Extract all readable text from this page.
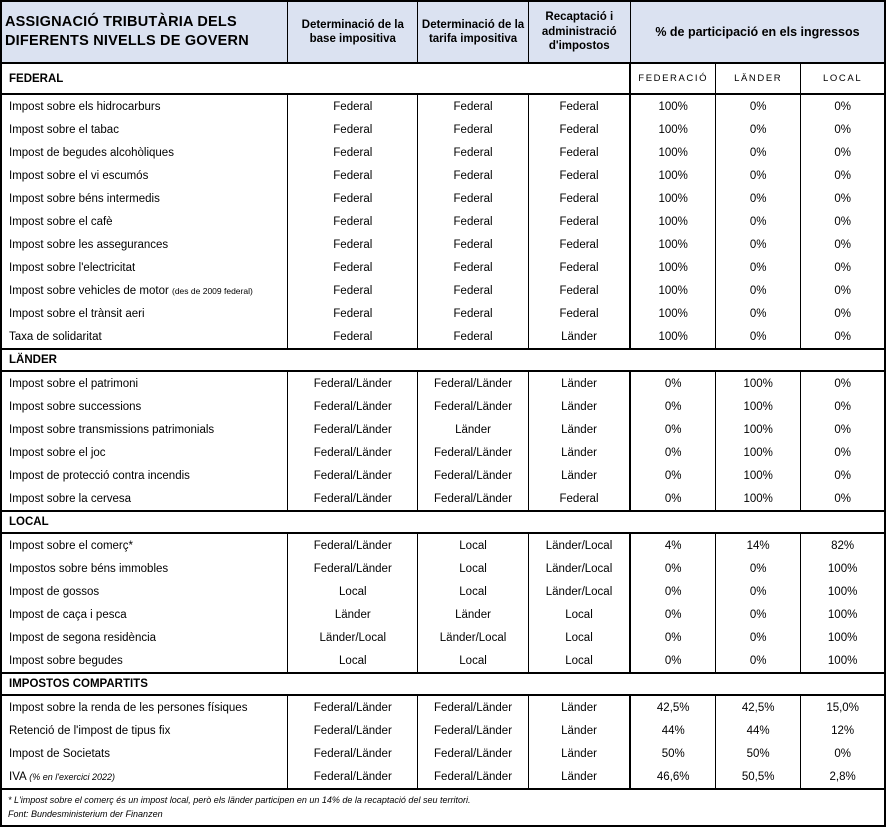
ASSIGNACIÓ TRIBUTÀRIA DELS DIFERENTS NIVELLS DE GOVERN	Determinació de la base impositiva	Determinació de la tarifa impositiva	Recaptació i administració d'impostos	% de participació en els ingressos		
FEDERAL				FEDERACIÓ	LÄNDER	LOCAL
Impost sobre els hidrocarburs	Federal	Federal	Federal	100%	0%	0%
Impost sobre el tabac	Federal	Federal	Federal	100%	0%	0%
Impost de begudes alcohòliques	Federal	Federal	Federal	100%	0%	0%
Impost sobre el vi escumós	Federal	Federal	Federal	100%	0%	0%
Impost sobre béns intermedis	Federal	Federal	Federal	100%	0%	0%
Impost sobre el cafè	Federal	Federal	Federal	100%	0%	0%
Impost sobre les assegurances	Federal	Federal	Federal	100%	0%	0%
Impost sobre l'electricitat	Federal	Federal	Federal	100%	0%	0%
Impost sobre vehicles de motor (des de 2009 federal)	Federal	Federal	Federal	100%	0%	0%
Impost sobre el trànsit aeri	Federal	Federal	Federal	100%	0%	0%
Taxa de solidaritat	Federal	Federal	Länder	100%	0%	0%
LÄNDER						
Impost sobre el patrimoni	Federal/Länder	Federal/Länder	Länder	0%	100%	0%
Impost sobre successions	Federal/Länder	Federal/Länder	Länder	0%	100%	0%
Impost sobre transmissions patrimonials	Federal/Länder	Länder	Länder	0%	100%	0%
Impost sobre el joc	Federal/Länder	Federal/Länder	Länder	0%	100%	0%
Impost de protecció contra incendis	Federal/Länder	Federal/Länder	Länder	0%	100%	0%
Impost sobre la cervesa	Federal/Länder	Federal/Länder	Federal	0%	100%	0%
LOCAL						
Impost sobre el comerç*	Federal/Länder	Local	Länder/Local	4%	14%	82%
Impostos sobre béns immobles	Federal/Länder	Local	Länder/Local	0%	0%	100%
Impost de gossos	Local	Local	Länder/Local	0%	0%	100%
Impost de caça i pesca	Länder	Länder	Local	0%	0%	100%
Impost de segona residència	Länder/Local	Länder/Local	Local	0%	0%	100%
Impost sobre begudes	Local	Local	Local	0%	0%	100%
IMPOSTOS COMPARTITS						
Impost sobre la renda de les persones físiques	Federal/Länder	Federal/Länder	Länder	42,5%	42,5%	15,0%
Retenció de l'impost de tipus fix	Federal/Länder	Federal/Länder	Länder	44%	44%	12%
Impost de Societats	Federal/Länder	Federal/Länder	Länder	50%	50%	0%
IVA (% en l'exercici 2022)	Federal/Länder	Federal/Länder	Länder	46,6%	50,5%	2,8%

* L'impost sobre el comerç és un impost local, però els länder participen en un 14% de la recaptació del seu territori.
Font: Bundesministerium der Finanzen						
